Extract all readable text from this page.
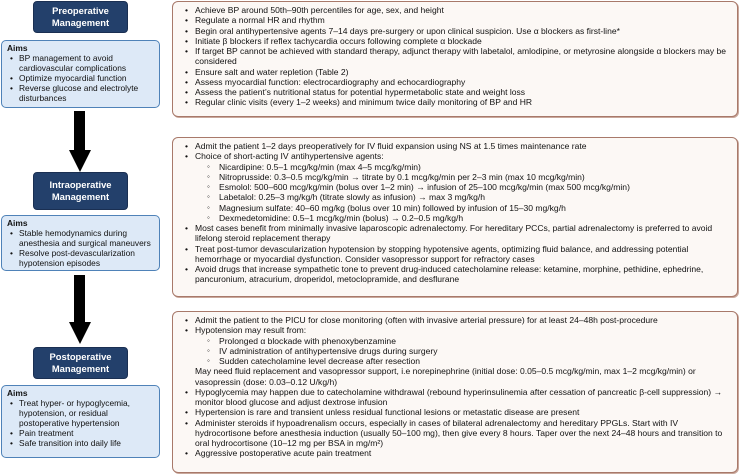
Preoperative
Management
Aims
• BP management to avoid cardiovascular complications
• Optimize myocardial function
• Reverse glucose and electrolyte disturbances
• Achieve BP around 50th–90th percentiles for age, sex, and height
• Regulate a normal HR and rhythm
• Begin oral antihypertensive agents 7–14 days pre-surgery or upon clinical suspicion. Use α blockers as first-line*
• Initiate β blockers if reflex tachycardia occurs following complete α blockade
• If target BP cannot be achieved with standard therapy, adjunct therapy with labetalol, amlodipine, or metyrosine alongside α blockers may be considered
• Ensure salt and water repletion (Table 2)
• Assess myocardial function: electrocardiography and echocardiography
• Assess the patient’s nutritional status for potential hypermetabolic state and weight loss
• Regular clinic visits (every 1–2 weeks) and minimum twice daily monitoring of BP and HR
Intraoperative
Management
Aims
• Stable hemodynamics during anesthesia and surgical maneuvers
• Resolve post-devascularization hypotension episodes
• Admit the patient 1–2 days preoperatively for IV fluid expansion using NS at 1.5 times maintenance rate
• Choice of short-acting IV antihypertensive agents:
◦ Nicardipine: 0.5–1 mcg/kg/min (max 4–5 mcg/kg/min)
◦ Nitroprusside: 0.3–0.5 mcg/kg/min → titrate by 0.1 mcg/kg/min per 2–3 min (max 10 mcg/kg/min)
◦ Esmolol: 500–600 mcg/kg/min (bolus over 1–2 min) → infusion of 25–100 mcg/kg/min (max 500 mcg/kg/min)
◦ Labetalol: 0.25–3 mg/kg/h (titrate slowly as infusion) → max 3 mg/kg/h
◦ Magnesium sulfate: 40–60 mg/kg (bolus over 10 min) followed by infusion of 15–30 mg/kg/h
◦ Dexmedetomidine: 0.5–1 mcg/kg/min (bolus) → 0.2–0.5 mg/kg/h
• Most cases benefit from minimally invasive laparoscopic adrenalectomy. For hereditary PCCs, partial adrenalectomy is preferred to avoid lifelong steroid replacement therapy
• Treat post-tumor devascularization hypotension by stopping hypotensive agents, optimizing fluid balance, and addressing potential hemorrhage or myocardial dysfunction. Consider vasopressor support for refractory cases
• Avoid drugs that increase sympathetic tone to prevent drug-induced catecholamine release: ketamine, morphine, pethidine, ephedrine, pancuronium, atracurium, droperidol, metoclopramide, and desflurane
Postoperative
Management
Aims
• Treat hyper- or hypoglycemia, hypotension, or residual postoperative hypertension
• Pain treatment
• Safe transition into daily life
• Admit the patient to the PICU for close monitoring (often with invasive arterial pressure) for at least 24–48h post-procedure
• Hypotension may result from:
◦ Prolonged α blockade with phenoxybenzamine
◦ IV administration of antihypertensive drugs during surgery
◦ Sudden catecholamine level decrease after resection
May need fluid replacement and vasopressor support, i.e norepinephrine (initial dose: 0.05–0.5 mcg/kg/min, max 1–2 mcg/kg/min) or vasopressin (dose: 0.03–0.12 U/kg/h)
• Hypoglycemia may happen due to catecholamine withdrawal (rebound hyperinsulinemia after cessation of pancreatic β-cell suppression) → monitor blood glucose and adjust dextrose infusion
• Hypertension is rare and transient unless residual functional lesions or metastatic disease are present
• Administer steroids if hypoadrenalism occurs, especially in cases of bilateral adrenalectomy and hereditary PPGLs. Start with IV hydrocortisone before anesthesia induction (usually 50–100 mg), then give every 8 hours. Taper over the next 24–48 hours and transition to oral hydrocortisone (10–12 mg per BSA in mg/m²)
• Aggressive postoperative acute pain treatment
